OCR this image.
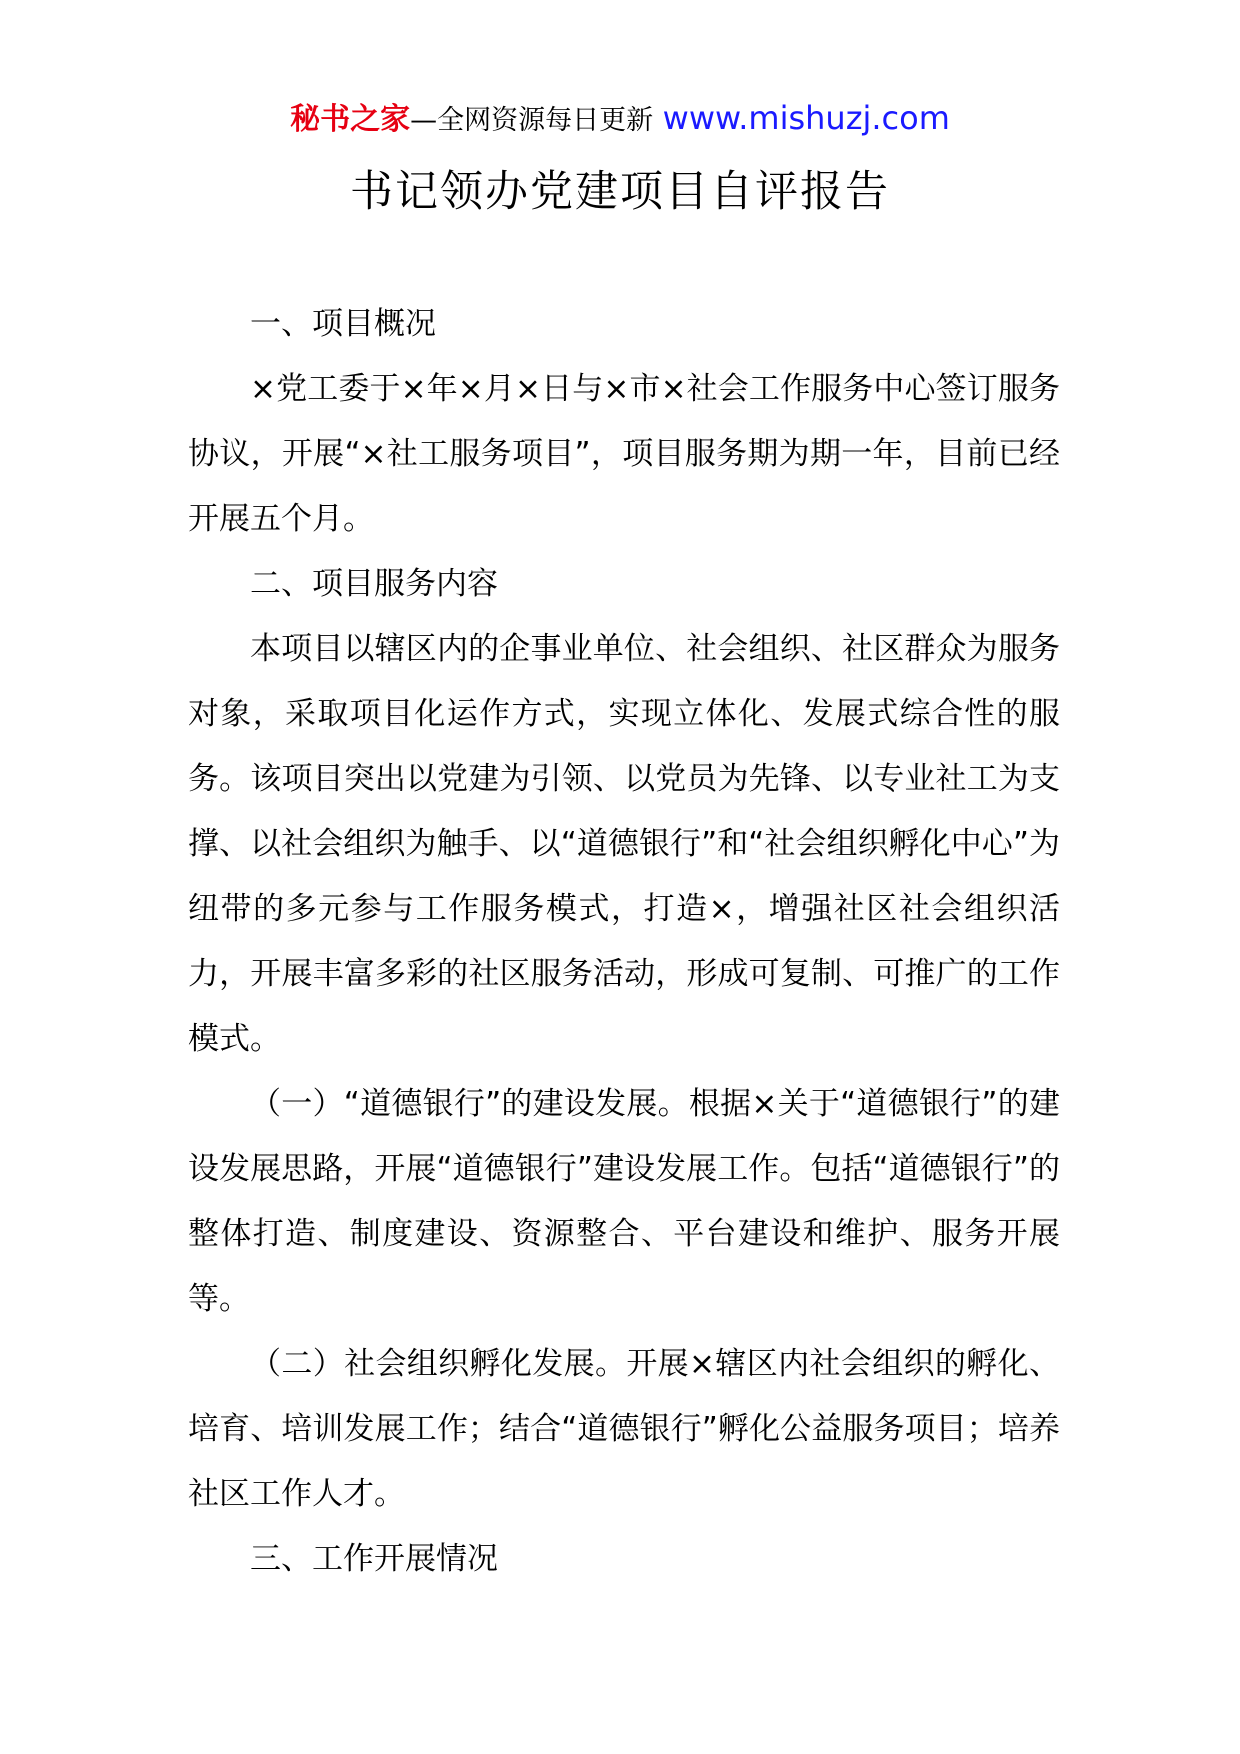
秘书之家—全网资源每日更新 www.mishuzj.com
书记领办党建项目自评报告

一、项目概况

×党工委于×年×月×日与×市×社会工作服务中心签订服务协议，开展“×社工服务项目”，项目服务期为期一年，目前已经开展五个月。

二、项目服务内容

本项目以辖区内的企事业单位、社会组织、社区群众为服务对象，采取项目化运作方式，实现立体化、发展式综合性的服务。该项目突出以党建为引领、以党员为先锋、以专业社工为支撑、以社会组织为触手、以“道德银行”和“社会组织孵化中心”为纽带的多元参与工作服务模式，打造×，增强社区社会组织活力，开展丰富多彩的社区服务活动，形成可复制、可推广的工作模式。

（一）“道德银行”的建设发展。根据×关于“道德银行”的建设发展思路，开展“道德银行”建设发展工作。包括“道德银行”的整体打造、制度建设、资源整合、平台建设和维护、服务开展等。

（二）社会组织孵化发展。开展×辖区内社会组织的孵化、培育、培训发展工作；结合“道德银行”孵化公益服务项目；培养社区工作人才。

三、工作开展情况
